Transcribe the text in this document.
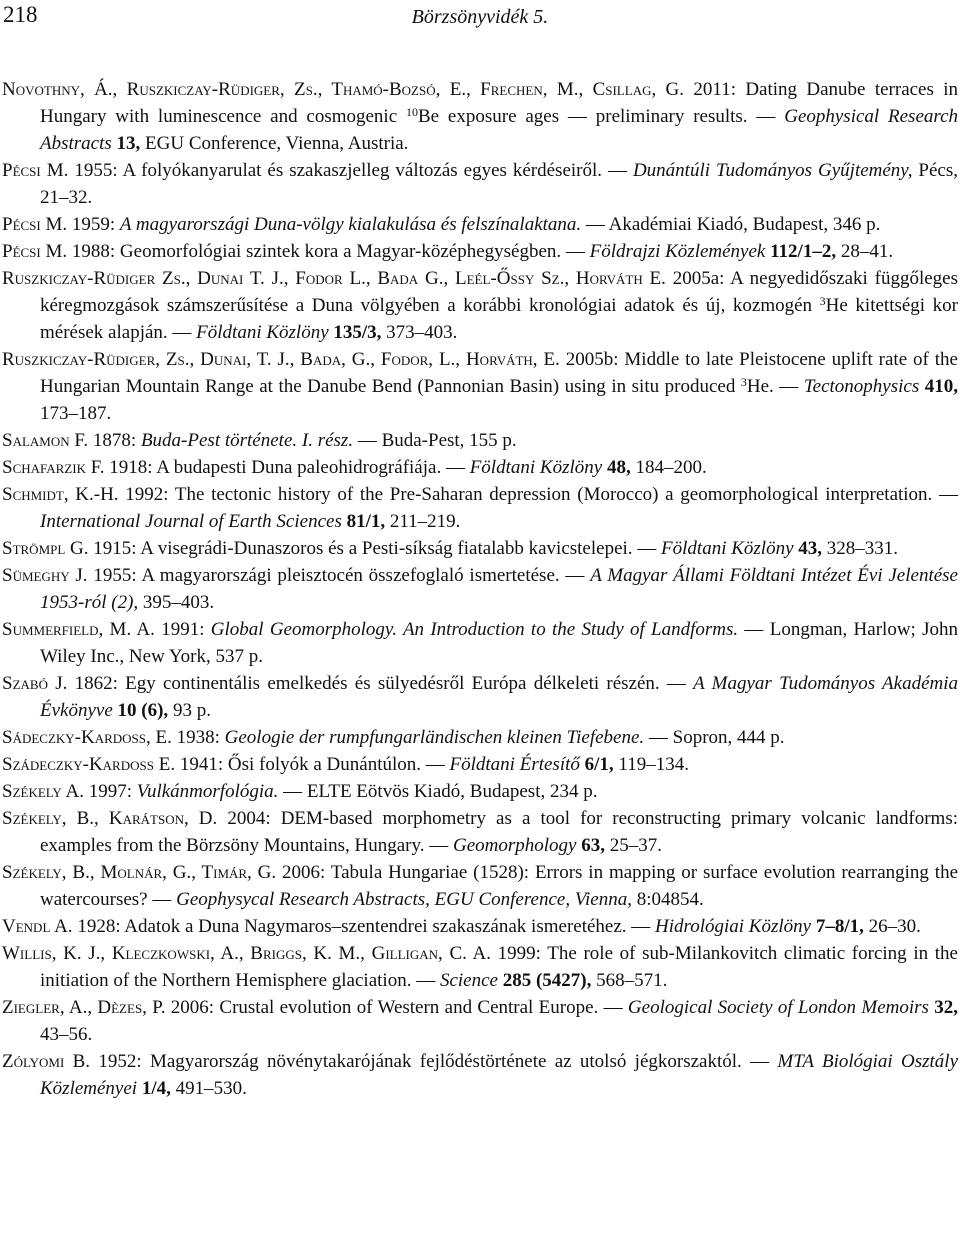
218	Börzsönyvidék 5.
Novothny, Á., Ruszkiczay-Rüdiger, Zs., Thamó-Bozsó, E., Frechen, M., Csillag, G. 2011: Dating Danube terraces in Hungary with luminescence and cosmogenic $^{10}$Be exposure ages — preliminary results. — Geophysical Research Abstracts 13, EGU Conference, Vienna, Austria.
Pécsi M. 1955: A folyókanyarulat és szakaszjelleg változás egyes kérdéseiről. — Dunántúli Tudományos Gyűjtemény, Pécs, 21–32.
Pécsi M. 1959: A magyarországi Duna-völgy kialakulása és felszínalaktana. — Akadémiai Kiadó, Budapest, 346 p.
Pécsi M. 1988: Geomorfológiai szintek kora a Magyar-középhegységben. — Földrajzi Közlemények 112/1–2, 28–41.
Ruszkiczay-Rüdiger Zs., Dunai T. J., Fodor L., Bada G., Leél-Őssy Sz., Horváth E. 2005a: A negyedidőszaki függőleges kéregmozgások számszerűsítése a Duna völgyében a korábbi kronológiai adatok és új, kozmogén $^3$He kitettségi kor mérések alapján. — Földtani Közlöny 135/3, 373–403.
Ruszkiczay-Rüdiger, Zs., Dunai, T. J., Bada, G., Fodor, L., Horváth, E. 2005b: Middle to late Pleistocene uplift rate of the Hungarian Mountain Range at the Danube Bend (Pannonian Basin) using in situ produced $^3$He. — Tectonophysics 410, 173–187.
Salamon F. 1878: Buda-Pest története. I. rész. — Buda-Pest, 155 p.
Schafarzik F. 1918: A budapesti Duna paleohidrográfiája. — Földtani Közlöny 48, 184–200.
Schmidt, K.-H. 1992: The tectonic history of the Pre-Saharan depression (Morocco) a geomorphological interpretation. — International Journal of Earth Sciences 81/1, 211–219.
Strömpl G. 1915: A visegrádi-Dunaszoros és a Pesti-síkság fiatalabb kavicstelepei. — Földtani Közlöny 43, 328–331.
Sümeghy J. 1955: A magyarországi pleisztocén összefoglaló ismertetése. — A Magyar Állami Földtani Intézet Évi Jelentése 1953-ról (2), 395–403.
Summerfield, M. A. 1991: Global Geomorphology. An Introduction to the Study of Landforms. — Longman, Harlow; John Wiley Inc., New York, 537 p.
Szabó J. 1862: Egy continentális emelkedés és sülyedésről Európa délkeleti részén. — A Magyar Tudományos Akadémia Évkönyve 10 (6), 93 p.
Sádeczky-Kardoss, E. 1938: Geologie der rumpfungarländischen kleinen Tiefebene. — Sopron, 444 p.
Szádeczky-Kardoss E. 1941: Ősi folyók a Dunántúlon. — Földtani Értesítő 6/1, 119–134.
Székely A. 1997: Vulkánmorfológia. — ELTE Eötvös Kiadó, Budapest, 234 p.
Székely, B., Karátson, D. 2004: DEM-based morphometry as a tool for reconstructing primary volcanic landforms: examples from the Börzsöny Mountains, Hungary. — Geomorphology 63, 25–37.
Székely, B., Molnár, G., Timár, G. 2006: Tabula Hungariae (1528): Errors in mapping or surface evolution rearranging the watercourses? — Geophysycal Research Abstracts, EGU Conference, Vienna, 8:04854.
Vendl A. 1928: Adatok a Duna Nagymaros–szentendrei szakaszának ismeretéhez. — Hidrológiai Közlöny 7–8/1, 26–30.
Willis, K. J., Kleczkowski, A., Briggs, K. M., Gilligan, C. A. 1999: The role of sub-Milankovitch climatic forcing in the initiation of the Northern Hemisphere glaciation. — Science 285 (5427), 568–571.
Ziegler, A., Dèzes, P. 2006: Crustal evolution of Western and Central Europe. — Geological Society of London Memoirs 32, 43–56.
Zólyomi B. 1952: Magyarország növénytakarójának fejlődéstörténete az utolsó jégkorszaktól. — MTA Biológiai Osztály Közleményei 1/4, 491–530.
